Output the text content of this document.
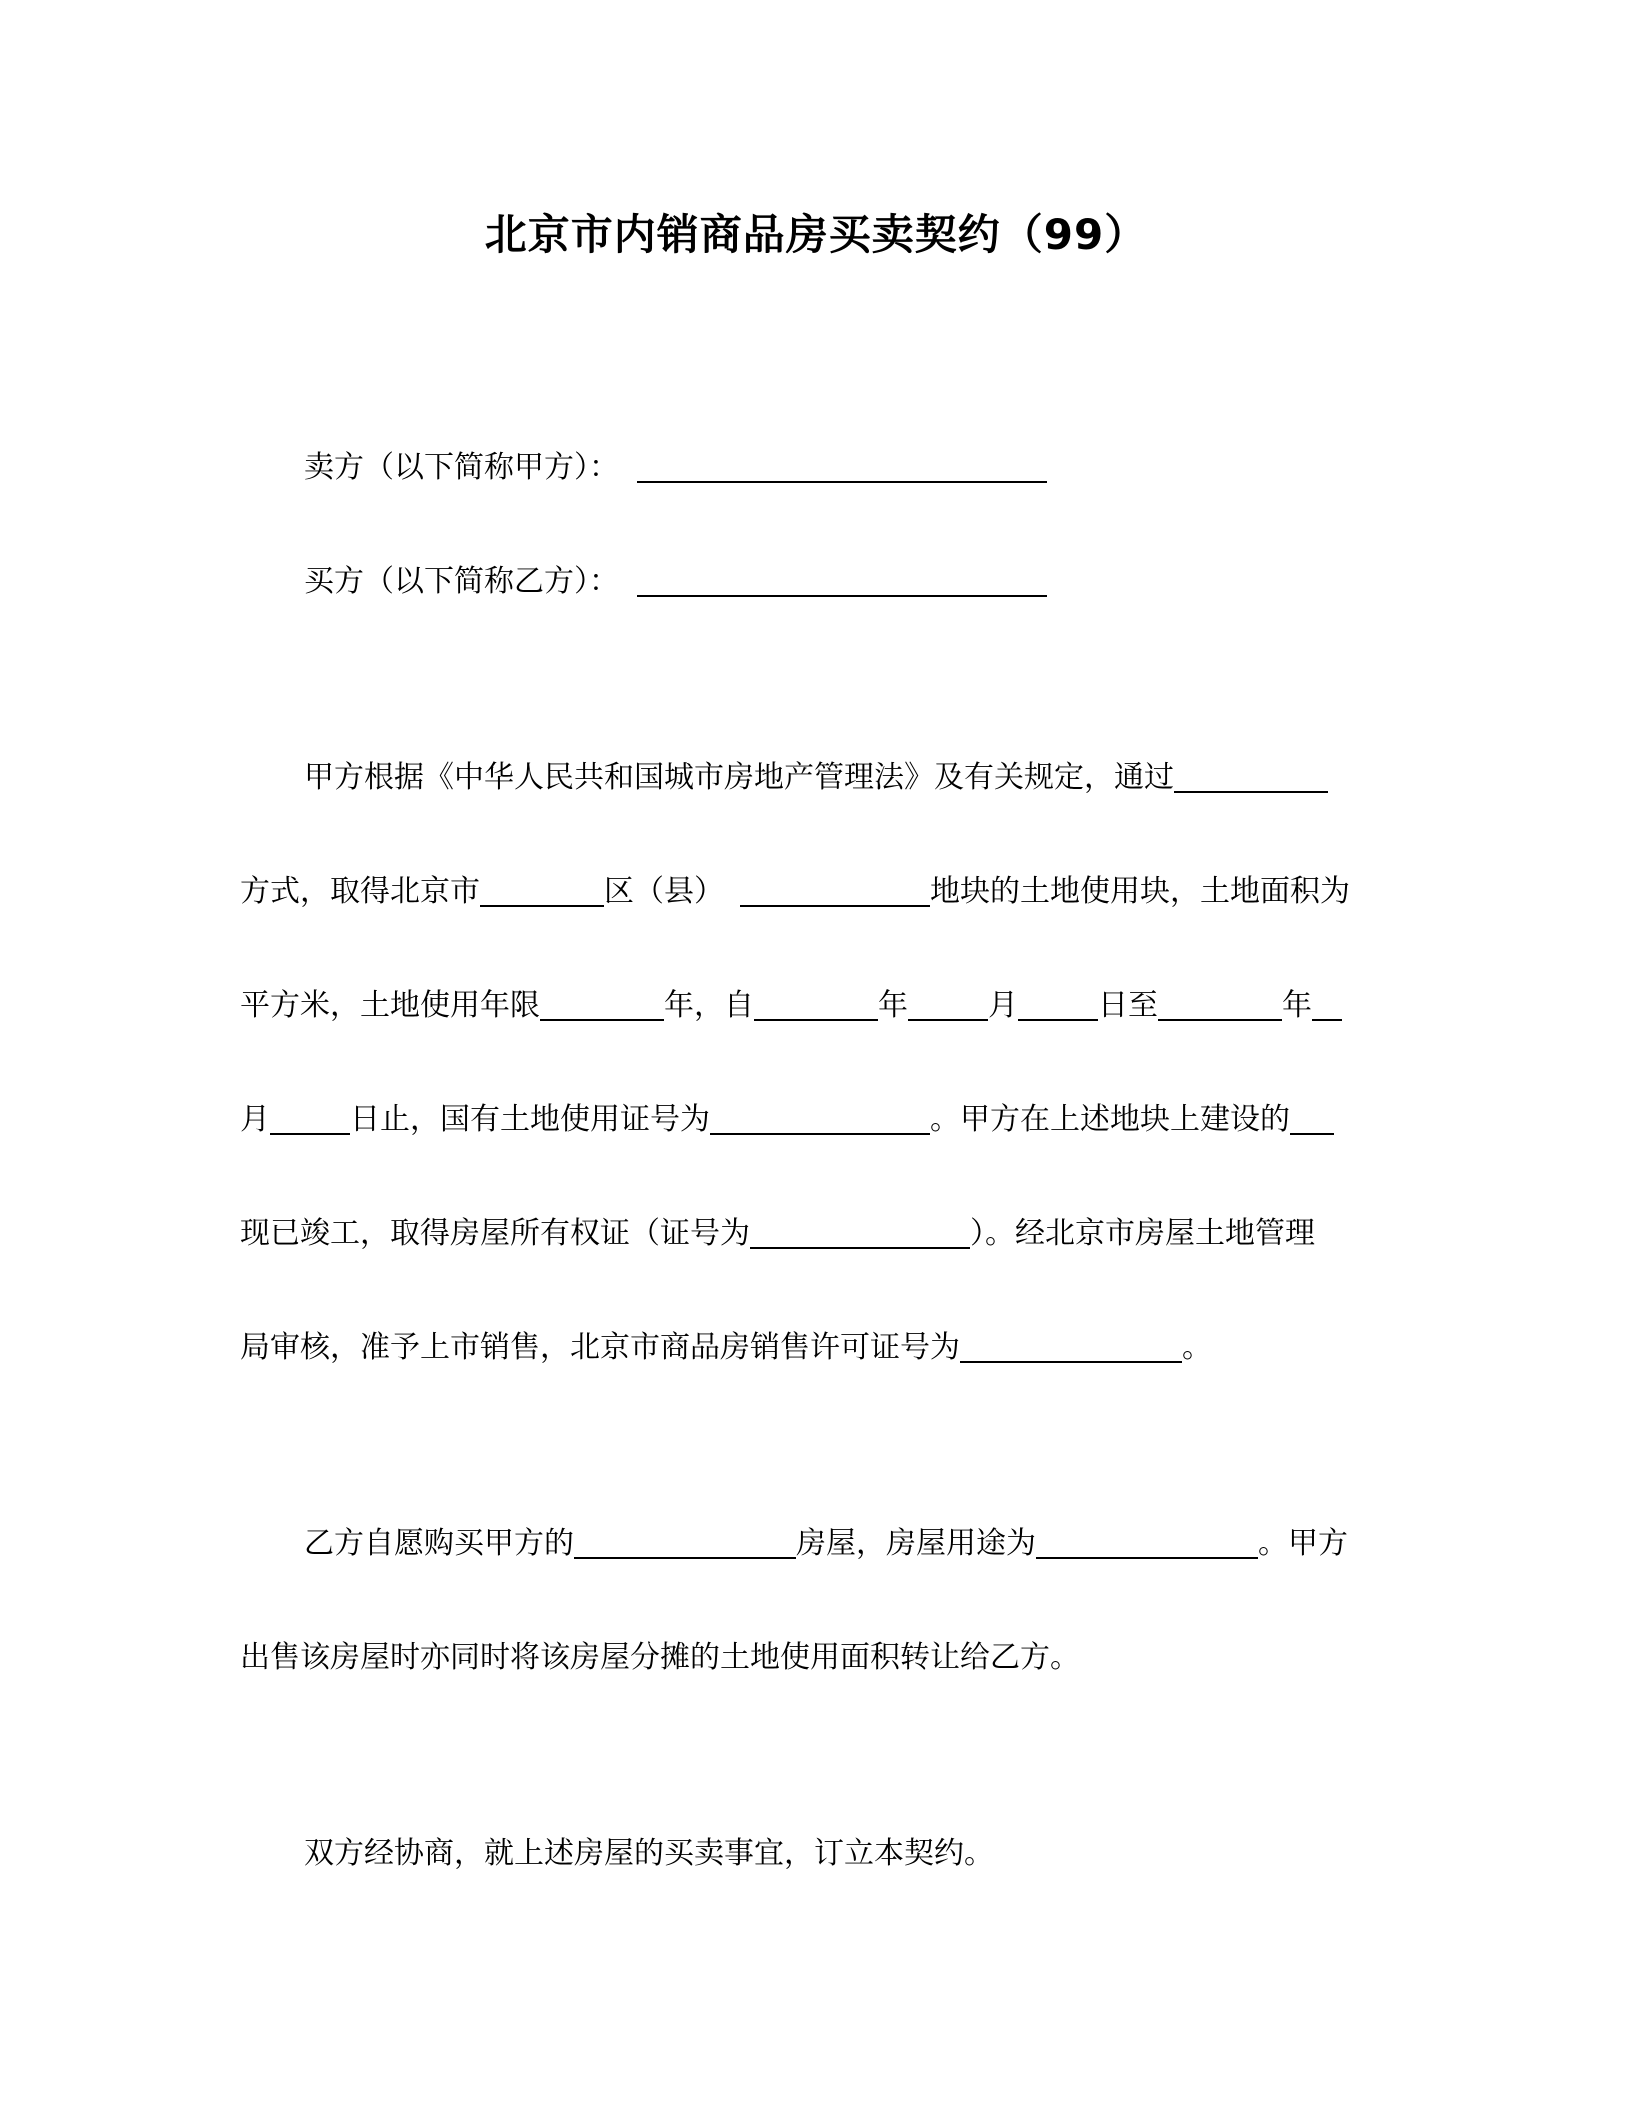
北京市内销商品房买卖契约（99）
卖方（以下简称甲方）：
买方（以下简称乙方）：
甲方根据《中华人民共和国城市房地产管理法》及有关规定，通过
方式，取得北京市	区（县）	地块的土地使用块，土地面积为
平方米，土地使用年限	年，自	年	月	日至	年
月	日止，国有土地使用证号为	。甲方在上述地块上建设的
现已竣工，取得房屋所有权证（证号为	）。经北京市房屋土地管理
局审核，准予上市销售，北京市商品房销售许可证号为	。
乙方自愿购买甲方的	房屋，房屋用途为	。甲方
出售该房屋时亦同时将该房屋分摊的土地使用面积转让给乙方。
双方经协商，就上述房屋的买卖事宜，订立本契约。
